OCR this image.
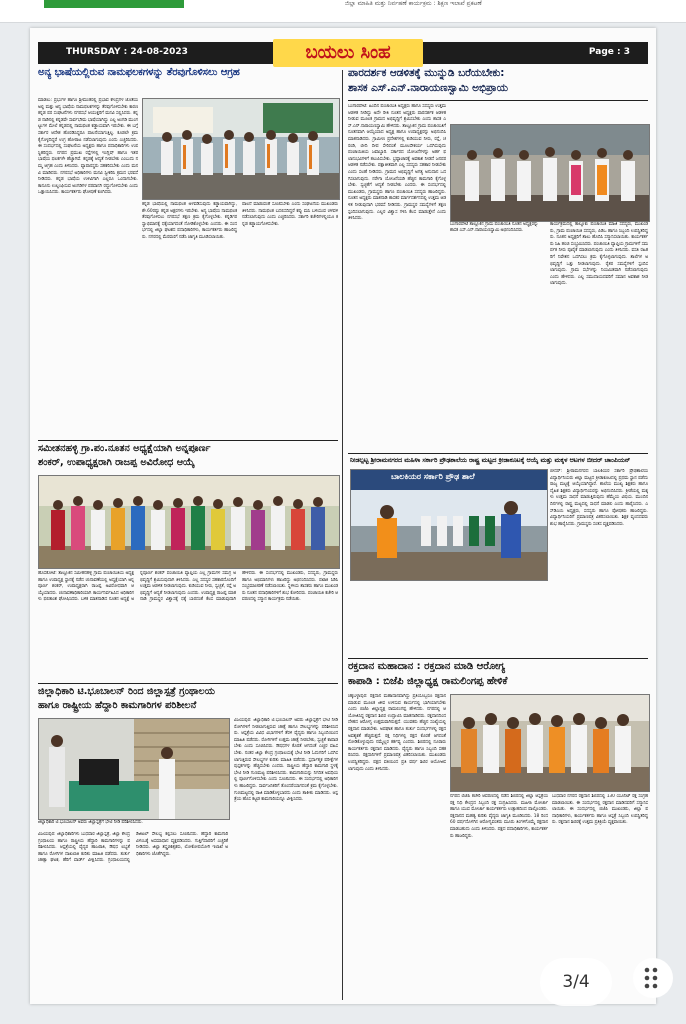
ಜಿಲ್ಲಾ ಮಾಹಿತಿ ಮತ್ತು ನಿರ್ವಹಣೆ ಕಾರ್ಯಕ್ರಮ : ಶಿಕ್ಷಣ ಇಲಾಖೆ ಪ್ರಕಟಣೆ
THURSDAY : 24-08-2023	ಬಯಲು ಸಿಂಹ	Page : 3
ಅನ್ಯ ಭಾಷೆಯಲ್ಲಿರುವ ನಾಮಫಲಕಗಳನ್ನು ತೆರವುಗೊಳಿಸಲು ಆಗ್ರಹ
ಮಾಡಲು: ಪ್ರಭುಗಳ ಹಾಗೂ ಶ್ರೀಮಂತರಲ್ಲಿ ಪ್ರಭಾವ ಕೇಂದ್ರಗಳ ಜೊತೆಯ ಅಲ್ಲಿ ಮತ್ತು ಅನ್ಯ ಭಾಷೆಯ ನಾಮಫಲಕಗಳನ್ನು ತೆರವುಗೊಳಿಸಬೇಕು ಕಾರಣ ಕನ್ನಡ ಪರ ಸಂಘಟನೆಗಳು ನಗರಸಭೆ ಆಯುಕ್ತರಿಗೆ ಮನವಿ ಸಲ್ಲಿಸಿದರು. ಕನ್ನಡ ನಾಡಿನಲ್ಲಿ ಕನ್ನಡವೇ ಸಾರ್ವಭೌಮ ಭಾಷೆಯಾಗಿದ್ದು ಎಲ್ಲ ಅಂಗಡಿ ಮುಂಗಟ್ಟುಗಳ ಮೇಲೆ ಕನ್ನಡದಲ್ಲಿ ನಾಮಫಲಕ ಕಡ್ಡಾಯವಾಗಿ ಇರಬೇಕು. ಈ ಬಗ್ಗೆ ಸರ್ಕಾರ ಆದೇಶ ಹೊರಡಿಸಿದ್ದರೂ ಪಾಲನೆಯಾಗುತ್ತಿಲ್ಲ. ಕೂಡಲೇ ಕ್ರಮ ಕೈಗೊಳ್ಳದಿದ್ದರೆ ಉಗ್ರ ಹೋರಾಟ ನಡೆಸಲಾಗುವುದು ಎಂದು ಎಚ್ಚರಿಸಿದರು. ಈ ಸಂದರ್ಭದಲ್ಲಿ ಸಂಘಟನೆಯ ಅಧ್ಯಕ್ಷರು ಹಾಗೂ ಪದಾಧಿಕಾರಿಗಳು ಉಪಸ್ಥಿತರಿದ್ದರು. ನಗರದ ಪ್ರಮುಖ ರಸ್ತೆಗಳಲ್ಲಿ ಇಂಗ್ಲಿಷ್ ಹಾಗೂ ಇತರ ಭಾಷೆಯ ಫಲಕಗಳೇ ಹೆಚ್ಚಾಗಿವೆ. ಕನ್ನಡಕ್ಕೆ ಆದ್ಯತೆ ನೀಡಬೇಕು ಎಂಬುದು ನಮ್ಮ ಆಗ್ರಹ ಎಂದು ತಿಳಿಸಿದರು. ವ್ಯಾಪಾರಸ್ಥರು ಸಹಕರಿಸಬೇಕು ಎಂದು ಮನವಿ ಮಾಡಿದರು. ನಗರಸಭೆ ಅಧಿಕಾರಿಗಳು ಮನವಿ ಸ್ವೀಕರಿಸಿ ಕ್ರಮದ ಭರವಸೆ ನೀಡಿದರು. ಕನ್ನಡ ಭಾಷೆಯ ಉಳಿವಿಗಾಗಿ ಎಲ್ಲರೂ ಒಂದಾಗಬೇಕು. ಕಾನೂನು ಉಲ್ಲಂಘಿಸುವ ಅಂಗಡಿಗಳ ಪರವಾನಗಿ ರದ್ದುಗೊಳಿಸಬೇಕು ಎಂದು ಒತ್ತಾಯಿಸಿದರು. ಕಾರ್ಯಕರ್ತರು ಘೋಷಣೆ ಕೂಗಿದರು.
ಕನ್ನಡ ಭಾಷೆಯಲ್ಲಿ ನಾಮಫಲಕ ಅಳವಡಿಸುವುದು ಕಡ್ಡಾಯವಾಗಿದ್ದು, ಶೇ.60ರಷ್ಟು ಕನ್ನಡ ಅಕ್ಷರಗಳು ಇರಬೇಕು. ಅನ್ಯ ಭಾಷೆಯ ನಾಮಫಲಕ ತೆರವುಗೊಳಿಸಲು ನಗರಸಭೆ ತಕ್ಷಣ ಕ್ರಮ ಕೈಗೊಳ್ಳಬೇಕು. ಕನ್ನಡಿಗರ ಸ್ವಾಭಿಮಾನಕ್ಕೆ ಧಕ್ಕೆಯಾಗದಂತೆ ನೋಡಿಕೊಳ್ಳಬೇಕು ಎಂದರು. ಈ ಸಂದರ್ಭದಲ್ಲಿ ಜಿಲ್ಲಾ ಘಟಕದ ಪದಾಧಿಕಾರಿಗಳು, ಕಾರ್ಯಕರ್ತರು ಹಾಜರಿದ್ದರು. ನಗರದಲ್ಲಿ ಮೆರವಣಿಗೆ ನಡೆಸಿ ಜಾಗೃತಿ ಮೂಡಿಸಲಾಯಿತು.
ಪಾಲನೆ ಮಾಡುವಂತೆ ಸೂಚಿಸಬೇಕು ಎಂದು ಸಂಘಟನೆಯ ಮುಖಂಡರು ತಿಳಿಸಿದರು. ನಾಮಫಲಕ ಬದಲಿಸದಿದ್ದರೆ ಕಪ್ಪು ಮಸಿ ಬಳಿಯುವ ಚಳವಳಿ ನಡೆಸಲಾಗುವುದು ಎಂದು ಎಚ್ಚರಿಸಿದರು. ಸರ್ಕಾರಿ ಕಚೇರಿಗಳಲ್ಲಿಯೂ ಕನ್ನಡ ಕಡ್ಡಾಯಗೊಳಿಸಬೇಕು.
ಸಮೀತನಹಳ್ಳಿ ಗ್ರಾ.ಪಂ.ನೂತನ ಅಧ್ಯಕ್ಷೆಯಾಗಿ ಅನ್ನಪೂರ್ಣ
ಶಂಕರ್, ಉಪಾಧ್ಯಕ್ಷರಾಗಿ ರಾಜಪ್ಪ ಅವಿರೋಧ ಆಯ್ಕೆ
ಹೊಸಕೋಟೆ: ತಾಲ್ಲೂಕಿನ ಸಮೀತನಹಳ್ಳಿ ಗ್ರಾಮ ಪಂಚಾಯಿತಿಯ ಅಧ್ಯಕ್ಷ ಹಾಗೂ ಉಪಾಧ್ಯಕ್ಷ ಸ್ಥಾನಕ್ಕೆ ನಡೆದ ಚುನಾವಣೆಯಲ್ಲಿ ಅಧ್ಯಕ್ಷೆಯಾಗಿ ಅನ್ನಪೂರ್ಣ ಶಂಕರ್, ಉಪಾಧ್ಯಕ್ಷರಾಗಿ ರಾಜಪ್ಪ ಅವಿರೋಧವಾಗಿ ಆಯ್ಕೆಯಾದರು. ಚುನಾವಣಾಧಿಕಾರಿಯಾಗಿ ಕಾರ್ಯನಿರ್ವಹಿಸಿದ ಅಧಿಕಾರಿಗಳು ಫಲಿತಾಂಶ ಘೋಷಿಸಿದರು. ಬಳಿಕ ಮಾತನಾಡಿದ ನೂತನ ಅಧ್ಯಕ್ಷೆ ಅನ್ನಪೂರ್ಣ ಶಂಕರ್ ಪಂಚಾಯಿತಿ ವ್ಯಾಪ್ತಿಯ ಎಲ್ಲ ಗ್ರಾಮಗಳ ಸಮಗ್ರ ಅಭಿವೃದ್ಧಿಗೆ ಶ್ರಮಿಸುವುದಾಗಿ ತಿಳಿಸಿದರು. ಎಲ್ಲ ಸದಸ್ಯರ ಸಹಕಾರದೊಂದಿಗೆ ಉತ್ತಮ ಆಡಳಿತ ನೀಡಲಾಗುವುದು. ಕುಡಿಯುವ ನೀರು, ಸ್ವಚ್ಛತೆ, ರಸ್ತೆ ಅಭಿವೃದ್ಧಿಗೆ ಆದ್ಯತೆ ನೀಡಲಾಗುವುದು ಎಂದರು. ಉಪಾಧ್ಯಕ್ಷ ರಾಜಪ್ಪ ಮಾತನಾಡಿ ಗ್ರಾಮಸ್ಥರ ವಿಶ್ವಾಸಕ್ಕೆ ಧಕ್ಕೆ ಬಾರದಂತೆ ಕೆಲಸ ಮಾಡುವುದಾಗಿ ಹೇಳಿದರು. ಈ ಸಂದರ್ಭದಲ್ಲಿ ಮುಖಂಡರು, ಸದಸ್ಯರು, ಗ್ರಾಮಸ್ಥರು ಹಾಗೂ ಅಭಿಮಾನಿಗಳು ಹಾಜರಿದ್ದು ಅಭಿನಂದಿಸಿದರು. ಪಟಾಕಿ ಸಿಡಿಸಿ ಸಂಭ್ರಮಾಚರಣೆ ನಡೆಸಲಾಯಿತು. ಸ್ಥಳೀಯ ಶಾಸಕರು ಹಾಗೂ ಮುಖಂಡರು ನೂತನ ಪದಾಧಿಕಾರಿಗಳಿಗೆ ಶುಭ ಕೋರಿದರು. ಪಂಚಾಯಿತಿ ಕಚೇರಿ ಆವರಣದಲ್ಲಿ ಸನ್ಮಾನ ಕಾರ್ಯಕ್ರಮ ನಡೆಯಿತು.
ಜಿಲ್ಲಾಧಿಕಾರಿ ಟಿ.ಭೂಬಾಲನ್ ರಿಂದ ಜಿಲ್ಲಾಸ್ಪತ್ರೆ ಗ್ರಂಥಾಲಯ
ಹಾಗೂ ರಾಷ್ಟ್ರೀಯ ಹೆದ್ದಾರಿ ಕಾಮಗಾರಿಗಳ ಪರಿಶೀಲನೆ
ಜಿಲ್ಲಾಧಿಕಾರಿ ಟಿ.ಭೂಬಾಲನ್ ಅವರು ಜಿಲ್ಲಾಸ್ಪತ್ರೆಗೆ ಭೇಟಿ ನೀಡಿ ಪರಿಶೀಲಿಸಿದರು.
ವಿಜಯಪುರ: ಜಿಲ್ಲಾಧಿಕಾರಿ ಟಿ.ಭೂಬಾಲನ್ ಅವರು ಜಿಲ್ಲಾಸ್ಪತ್ರೆಗೆ ಭೇಟಿ ನೀಡಿ ರೋಗಿಗಳಿಗೆ ನೀಡಲಾಗುತ್ತಿರುವ ಚಿಕಿತ್ಸೆ ಹಾಗೂ ಸೌಲಭ್ಯಗಳನ್ನು ಪರಿಶೀಲಿಸಿದರು. ಆಸ್ಪತ್ರೆಯ ವಿವಿಧ ವಿಭಾಗಗಳಿಗೆ ತೆರಳಿ ವೈದ್ಯರು ಹಾಗೂ ಸಿಬ್ಬಂದಿಯಿಂದ ಮಾಹಿತಿ ಪಡೆದರು. ರೋಗಿಗಳಿಗೆ ಉತ್ತಮ ಚಿಕಿತ್ಸೆ ನೀಡಬೇಕು, ಸ್ವಚ್ಛತೆ ಕಾಪಾಡಬೇಕು ಎಂದು ಸೂಚಿಸಿದರು. ಔಷಧಗಳ ಕೊರತೆ ಆಗದಂತೆ ಎಚ್ಚರ ವಹಿಸಬೇಕು. ನಂತರ ಜಿಲ್ಲಾ ಕೇಂದ್ರ ಗ್ರಂಥಾಲಯಕ್ಕೆ ಭೇಟಿ ನೀಡಿ ಓದುಗರಿಗೆ ಒದಗಿಸಲಾಗುತ್ತಿರುವ ಸೌಲಭ್ಯಗಳ ಕುರಿತು ಮಾಹಿತಿ ಪಡೆದರು. ಸ್ಪರ್ಧಾತ್ಮಕ ಪರೀಕ್ಷೆಗಳ ಪುಸ್ತಕಗಳನ್ನು ಹೆಚ್ಚಿಸಬೇಕು ಎಂದರು. ರಾಷ್ಟ್ರೀಯ ಹೆದ್ದಾರಿ ಕಾಮಗಾರಿ ಸ್ಥಳಕ್ಕೆ ಭೇಟಿ ನೀಡಿ ಗುಣಮಟ್ಟ ಪರಿಶೀಲಿಸಿದರು. ಕಾಮಗಾರಿಯನ್ನು ನಿಗದಿತ ಅವಧಿಯಲ್ಲಿ ಪೂರ್ಣಗೊಳಿಸಬೇಕು ಎಂದು ಸೂಚಿಸಿದರು. ಈ ಸಂದರ್ಭದಲ್ಲಿ ಅಧಿಕಾರಿಗಳು ಹಾಜರಿದ್ದರು. ಸಾರ್ವಜನಿಕರಿಗೆ ತೊಂದರೆಯಾಗದಂತೆ ಕ್ರಮ ಕೈಗೊಳ್ಳಬೇಕು. ಗುಣಮಟ್ಟದಲ್ಲಿ ರಾಜಿ ಮಾಡಿಕೊಳ್ಳಬಾರದು ಎಂದು ತಾಕೀತು ಮಾಡಿದರು. ಆಸ್ಪತ್ರೆಯ ಹೊಸ ಕಟ್ಟಡ ಕಾಮಗಾರಿಯನ್ನೂ ವೀಕ್ಷಿಸಿದರು.
ವಿಜಯಪುರ: ಜಿಲ್ಲಾಧಿಕಾರಿಗಳು ಬುಧವಾರ ಜಿಲ್ಲಾಸ್ಪತ್ರೆ, ಜಿಲ್ಲಾ ಕೇಂದ್ರ ಗ್ರಂಥಾಲಯ ಹಾಗೂ ರಾಷ್ಟ್ರೀಯ ಹೆದ್ದಾರಿ ಕಾಮಗಾರಿಗಳನ್ನು ಪರಿಶೀಲಿಸಿದರು. ಆಸ್ಪತ್ರೆಯಲ್ಲಿ ವೈದ್ಯರ ಹಾಜರಾತಿ, ಔಷಧ ಲಭ್ಯತೆ ಹಾಗೂ ರೋಗಿಗಳ ದಾಖಲಾತಿ ಕುರಿತು ಮಾಹಿತಿ ಪಡೆದರು. ತುರ್ತು ಚಿಕಿತ್ಸಾ ಘಟಕ, ಹೆರಿಗೆ ವಾರ್ಡ್ ವೀಕ್ಷಿಸಿದರು. ಗ್ರಂಥಾಲಯದಲ್ಲಿ ಡಿಜಿಟಲ್ ಸೌಲಭ್ಯ ಕಲ್ಪಿಸಲು ಸೂಚಿಸಿದರು. ಹೆದ್ದಾರಿ ಕಾಮಗಾರಿ ವಿಳಂಬಕ್ಕೆ ಅಸಮಾಧಾನ ವ್ಯಕ್ತಪಡಿಸಿದರು. ಗುತ್ತಿಗೆದಾರರಿಗೆ ಎಚ್ಚರಿಕೆ ನೀಡಿದರು. ಜಿಲ್ಲಾ ಶಸ್ತ್ರಚಿಕಿತ್ಸಕರು, ಲೋಕೋಪಯೋಗಿ ಇಲಾಖೆ ಅಧಿಕಾರಿಗಳು ಜೊತೆಗಿದ್ದರು.
ಪಾರದರ್ಶಕ ಆಡಳಿತಕ್ಕೆ ಮುನ್ನುಡಿ ಬರೆಯಬೇಕು:
ಶಾಸಕ ಎಸ್.ಎನ್.ನಾರಾಯಣಸ್ವಾಮಿ ಅಭಿಪ್ರಾಯ
ಬಂಗಾರಪೇಟೆ: ಹಿಂದಿನ ಪಂಚಾಯಿತಿ ಅಧ್ಯಕ್ಷರು ಹಾಗೂ ಸದಸ್ಯರು ಉತ್ತಮ ಆಡಳಿತ ನೀಡಿದ್ದು ಅದೇ ರೀತಿ ನೂತನ ಅಧ್ಯಕ್ಷರು ಪಾರದರ್ಶಕ ಆಡಳಿತ ನೀಡುವ ಮೂಲಕ ಗ್ರಾಮದ ಅಭಿವೃದ್ಧಿಗೆ ಶ್ರಮಿಸಬೇಕು ಎಂದು ಶಾಸಕ ಎಸ್.ಎನ್.ನಾರಾಯಣಸ್ವಾಮಿ ಹೇಳಿದರು. ತಾಲ್ಲೂಕಿನ ಗ್ರಾಮ ಪಂಚಾಯಿತಿಗೆ ನೂತನವಾಗಿ ಆಯ್ಕೆಯಾದ ಅಧ್ಯಕ್ಷ ಹಾಗೂ ಉಪಾಧ್ಯಕ್ಷರನ್ನು ಅಭಿನಂದಿಸಿ ಮಾತನಾಡಿದರು. ಗ್ರಾಮೀಣ ಪ್ರದೇಶಗಳಲ್ಲಿ ಕುಡಿಯುವ ನೀರು, ರಸ್ತೆ, ಚರಂಡಿ, ಬೀದಿ ದೀಪ ಸೇರಿದಂತೆ ಮೂಲಸೌಕರ್ಯ ಒದಗಿಸುವುದು ಪಂಚಾಯಿತಿಯ ಜವಾಬ್ದಾರಿ. ಸರ್ಕಾರದ ಯೋಜನೆಗಳನ್ನು ಅರ್ಹ ಫಲಾನುಭವಿಗಳಿಗೆ ತಲುಪಿಸಬೇಕು. ಭ್ರಷ್ಟಾಚಾರಕ್ಕೆ ಅವಕಾಶ ನೀಡದೆ ಜನಪರ ಆಡಳಿತ ನಡೆಸಬೇಕು. ಪಕ್ಷಾತೀತವಾಗಿ ಎಲ್ಲ ಸದಸ್ಯರು ಸಹಕಾರ ನೀಡಬೇಕು ಎಂದು ಸಲಹೆ ನೀಡಿದರು. ಗ್ರಾಮದ ಅಭಿವೃದ್ಧಿಗೆ ಅಗತ್ಯ ಅನುದಾನ ಒದಗಿಸಲಾಗುವುದು. ನರೇಗಾ ಯೋಜನೆಯಡಿ ಹೆಚ್ಚಿನ ಕಾಮಗಾರಿ ಕೈಗೊಳ್ಳಬೇಕು. ಸ್ವಚ್ಛತೆಗೆ ಆದ್ಯತೆ ನೀಡಬೇಕು ಎಂದರು. ಈ ಸಂದರ್ಭದಲ್ಲಿ ಮುಖಂಡರು, ಗ್ರಾಮಸ್ಥರು ಹಾಗೂ ಪಂಚಾಯಿತಿ ಸದಸ್ಯರು ಹಾಜರಿದ್ದರು. ನೂತನ ಅಧ್ಯಕ್ಷರು ಮಾತನಾಡಿ ಶಾಸಕರ ಮಾರ್ಗದರ್ಶನದಲ್ಲಿ ಉತ್ತಮ ಆಡಳಿತ ನೀಡುವುದಾಗಿ ಭರವಸೆ ನೀಡಿದರು. ಗ್ರಾಮಸ್ಥರ ಸಮಸ್ಯೆಗಳಿಗೆ ತಕ್ಷಣ ಸ್ಪಂದಿಸಲಾಗುವುದು. ಎಲ್ಲರ ವಿಶ್ವಾಸ ಗಳಿಸಿ ಕೆಲಸ ಮಾಡುತ್ತೇನೆ ಎಂದು ತಿಳಿಸಿದರು.
ಬಂಗಾರಪೇಟೆ ತಾಲ್ಲೂಕಿನ ಗ್ರಾಮ ಪಂಚಾಯಿತಿ ನೂತನ ಅಧ್ಯಕ್ಷರನ್ನು ಶಾಸಕ ಎಸ್.ಎನ್.ನಾರಾಯಣಸ್ವಾಮಿ ಅಭಿನಂದಿಸಿದರು.
ಕಾರ್ಯಕ್ರಮದಲ್ಲಿ ತಾಲ್ಲೂಕು ಪಂಚಾಯಿತಿ ಮಾಜಿ ಸದಸ್ಯರು, ಮುಖಂಡರು, ಗ್ರಾಮ ಪಂಚಾಯಿತಿ ಸದಸ್ಯರು, ಪಿಡಿಒ ಹಾಗೂ ಸಿಬ್ಬಂದಿ ಉಪಸ್ಥಿತರಿದ್ದರು. ನೂತನ ಅಧ್ಯಕ್ಷರಿಗೆ ಶಾಲು ಹೊದಿಸಿ ಸನ್ಮಾನಿಸಲಾಯಿತು. ಕಾರ್ಯಕರ್ತರು ಸಿಹಿ ಹಂಚಿ ಸಂಭ್ರಮಿಸಿದರು. ಪಂಚಾಯಿತಿ ವ್ಯಾಪ್ತಿಯ ಗ್ರಾಮಗಳಿಗೆ ಸಮರ್ಪಕ ನೀರು ಪೂರೈಕೆ ಮಾಡಲಾಗುವುದು ಎಂದು ತಿಳಿಸಿದರು. ವಸತಿ ರಹಿತರಿಗೆ ನಿವೇಶನ ಒದಗಿಸಲು ಕ್ರಮ ಕೈಗೊಳ್ಳಲಾಗುವುದು. ಶಾಲೆಗಳ ಅಭಿವೃದ್ಧಿಗೆ ಒತ್ತು ನೀಡಲಾಗುವುದು. ರೈತರ ಸಮಸ್ಯೆಗಳಿಗೆ ಸ್ಪಂದಿಸಲಾಗುವುದು. ಗ್ರಾಮ ಸಭೆಗಳನ್ನು ನಿಯಮಿತವಾಗಿ ನಡೆಸಲಾಗುವುದು ಎಂದು ಹೇಳಿದರು. ಎಲ್ಲ ಸಮುದಾಯದವರಿಗೆ ಸಮಾನ ಅವಕಾಶ ನೀಡಲಾಗುವುದು.
ನೀಡಲ್ಪಟ್ಟ ಶ್ರೀರಾಮನಗರದ ಮಹಿಳಾ ಸರ್ಕಾರಿ ಪ್ರೌಢಶಾಲೆಯ ರಾಷ್ಟ್ರ ಮಟ್ಟದ ಕ್ರೀಡಾಕೂಟಕ್ಕೆ ಆಯ್ಕೆ ಮತ್ತು ಮಕ್ಕಳ ಆಟಗಳ ಬೀದರ್ ಚಾಂಪಿಯನ್
ಬಾಲಕಿಯರ ಸರ್ಕಾರಿ ಪ್ರೌಢ ಶಾಲೆ
ಬೀದರ್: ಶ್ರೀರಾಮನಗರದ ಬಾಲಕಿಯರ ಸರ್ಕಾರಿ ಪ್ರೌಢಶಾಲೆಯ ವಿದ್ಯಾರ್ಥಿನಿಯರು ಜಿಲ್ಲಾ ಮಟ್ಟದ ಕ್ರೀಡಾಕೂಟದಲ್ಲಿ ಪ್ರಥಮ ಸ್ಥಾನ ಪಡೆದು ರಾಜ್ಯ ಮಟ್ಟಕ್ಕೆ ಆಯ್ಕೆಯಾಗಿದ್ದಾರೆ. ಶಾಲೆಯ ಮುಖ್ಯ ಶಿಕ್ಷಕರು ಹಾಗೂ ದೈಹಿಕ ಶಿಕ್ಷಕರು ವಿದ್ಯಾರ್ಥಿನಿಯರನ್ನು ಅಭಿನಂದಿಸಿದರು. ಕ್ರೀಡೆಯಲ್ಲಿ ಮಕ್ಕಳು ಉತ್ತಮ ಸಾಧನೆ ಮಾಡುತ್ತಿರುವುದು ಹೆಮ್ಮೆಯ ವಿಷಯ. ಮುಂದಿನ ದಿನಗಳಲ್ಲಿ ರಾಷ್ಟ್ರ ಮಟ್ಟದಲ್ಲಿ ಸಾಧನೆ ಮಾಡಲಿ ಎಂದು ಹಾರೈಸಿದರು. ಎಸ್‌ಡಿಎಂಸಿ ಅಧ್ಯಕ್ಷರು, ಸದಸ್ಯರು ಹಾಗೂ ಪೋಷಕರು ಹಾಜರಿದ್ದರು. ವಿದ್ಯಾರ್ಥಿನಿಯರಿಗೆ ಪ್ರಮಾಣಪತ್ರ ವಿತರಿಸಲಾಯಿತು. ಶಿಕ್ಷಕ ವೃಂದದವರು ಶುಭ ಹಾರೈಸಿದರು. ಗ್ರಾಮಸ್ಥರು ಸಂತಸ ವ್ಯಕ್ತಪಡಿಸಿದರು.
ರಕ್ತದಾನ ಮಹಾದಾನ : ರಕ್ತದಾನ ಮಾಡಿ ಆರೋಗ್ಯ
ಕಾಪಾಡಿ : ಬಿಜೆಪಿ ಜಿಲ್ಲಾಧ್ಯಕ್ಷ ರಾಮಲಿಂಗಪ್ಪ ಹೇಳಿಕೆ
ಚಿಕ್ಕಬಳ್ಳಾಪುರ: ರಕ್ತದಾನ ಮಹಾದಾನವಾಗಿದ್ದು ಪ್ರತಿಯೊಬ್ಬರೂ ರಕ್ತದಾನ ಮಾಡುವ ಮೂಲಕ ಜೀವ ಉಳಿಸುವ ಕಾರ್ಯದಲ್ಲಿ ಭಾಗಿಯಾಗಬೇಕು ಎಂದು ಬಿಜೆಪಿ ಜಿಲ್ಲಾಧ್ಯಕ್ಷ ರಾಮಲಿಂಗಪ್ಪ ಹೇಳಿದರು. ನಗರದಲ್ಲಿ ಆಯೋಜಿಸಿದ್ದ ರಕ್ತದಾನ ಶಿಬಿರ ಉದ್ಘಾಟಿಸಿ ಮಾತನಾಡಿದರು. ರಕ್ತದಾನದಿಂದ ದೇಹದ ಆರೋಗ್ಯ ಉತ್ತಮವಾಗಿರುತ್ತದೆ. ಯುವಕರು ಹೆಚ್ಚಿನ ಸಂಖ್ಯೆಯಲ್ಲಿ ರಕ್ತದಾನ ಮಾಡಬೇಕು. ಅಪಘಾತ ಹಾಗೂ ತುರ್ತು ಸಂದರ್ಭಗಳಲ್ಲಿ ರಕ್ತದ ಅವಶ್ಯಕತೆ ಹೆಚ್ಚಿರುತ್ತದೆ. ರಕ್ತ ನಿಧಿಗಳಲ್ಲಿ ರಕ್ತದ ಕೊರತೆ ಆಗದಂತೆ ನೋಡಿಕೊಳ್ಳುವುದು ನಮ್ಮೆಲ್ಲರ ಕರ್ತವ್ಯ ಎಂದರು. ಶಿಬಿರದಲ್ಲಿ ನೂರಾರು ಕಾರ್ಯಕರ್ತರು ರಕ್ತದಾನ ಮಾಡಿದರು. ವೈದ್ಯರು ಹಾಗೂ ಸಿಬ್ಬಂದಿ ಸಹಕರಿಸಿದರು. ರಕ್ತದಾನಿಗಳಿಗೆ ಪ್ರಮಾಣಪತ್ರ ವಿತರಿಸಲಾಯಿತು. ಮುಖಂಡರು ಉಪಸ್ಥಿತರಿದ್ದರು. ಪಕ್ಷದ ವತಿಯಿಂದ ಪ್ರತಿ ವರ್ಷ ಶಿಬಿರ ಆಯೋಜಿಸಲಾಗುವುದು ಎಂದು ತಿಳಿಸಿದರು.
ನಗರದ ಬಿಜೆಪಿ ಕಚೇರಿ ಆವರಣದಲ್ಲಿ ನಡೆದ ಶಿಬಿರದಲ್ಲಿ ಜಿಲ್ಲಾ ಆಸ್ಪತ್ರೆಯ ರಕ್ತ ನಿಧಿ ಕೇಂದ್ರದ ಸಿಬ್ಬಂದಿ ರಕ್ತ ಸಂಗ್ರಹಿಸಿದರು. ಮಹಿಳಾ ಮೋರ್ಚಾ ಹಾಗೂ ಯುವ ಮೋರ್ಚಾ ಕಾರ್ಯಕರ್ತರು ಉತ್ಸಾಹದಿಂದ ಪಾಲ್ಗೊಂಡರು. ರಕ್ತದಾನದ ಮಹತ್ವ ಕುರಿತು ವೈದ್ಯರು ಜಾಗೃತಿ ಮೂಡಿಸಿದರು. 18 ರಿಂದ 60 ವರ್ಷದೊಳಗಿನ ಆರೋಗ್ಯವಂತರು ಮೂರು ತಿಂಗಳಿಗೊಮ್ಮೆ ರಕ್ತದಾನ ಮಾಡಬಹುದು ಎಂದು ತಿಳಿಸಿದರು. ಪಕ್ಷದ ಪದಾಧಿಕಾರಿಗಳು, ಕಾರ್ಯಕರ್ತರು ಹಾಜರಿದ್ದರು.
ಬುಧವಾರ ನಗರದ ರಕ್ತದಾನ ಶಿಬಿರದಲ್ಲಿ 130 ಯೂನಿಟ್ ರಕ್ತ ಸಂಗ್ರಹ ಮಾಡಲಾಯಿತು. ಈ ಸಂದರ್ಭದಲ್ಲಿ ರಕ್ತದಾನ ಮಾಡಿದವರಿಗೆ ಸನ್ಮಾನಿಸಲಾಯಿತು. ಈ ಸಂದರ್ಭದಲ್ಲಿ ಬಿಜೆಪಿ ಮುಖಂಡರು, ಜಿಲ್ಲಾ ಪದಾಧಿಕಾರಿಗಳು, ಕಾರ್ಯಕರ್ತರು ಹಾಗೂ ಆಸ್ಪತ್ರೆ ಸಿಬ್ಬಂದಿ ಉಪಸ್ಥಿತರಿದ್ದರು. ರಕ್ತದಾನ ಶಿಬಿರಕ್ಕೆ ಉತ್ತಮ ಪ್ರತಿಕ್ರಿಯೆ ವ್ಯಕ್ತವಾಯಿತು.
3/4
